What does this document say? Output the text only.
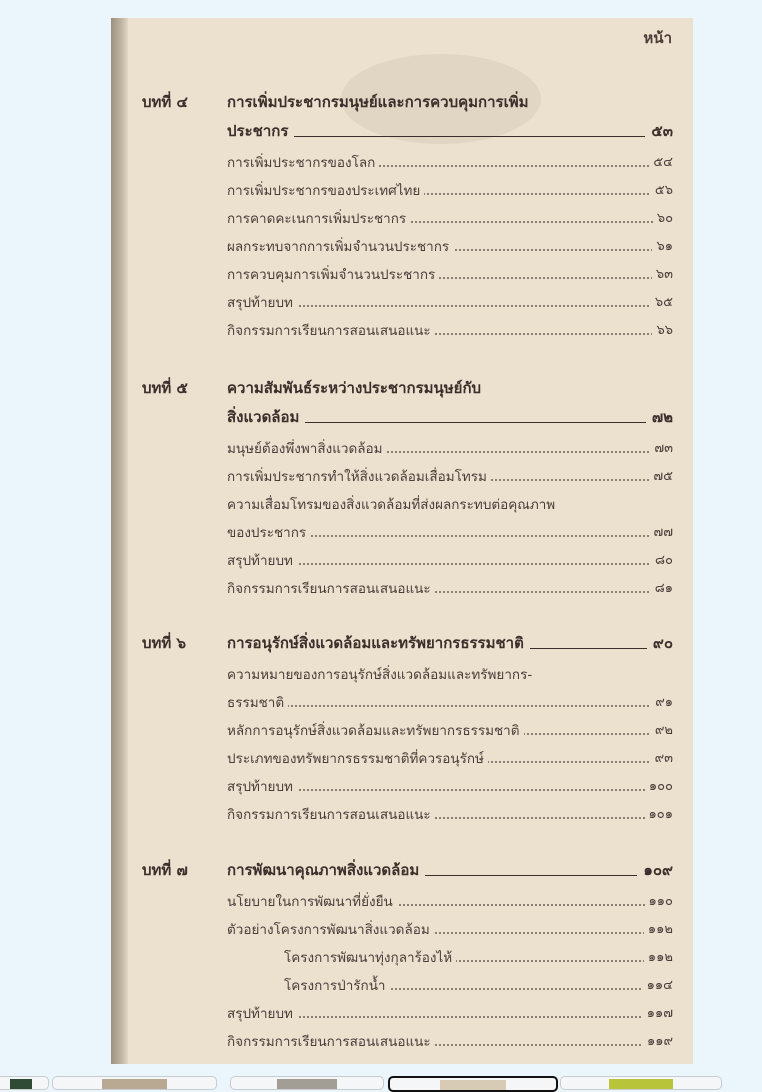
หน้า
บทที่ ๔	การเพิ่มประชากรมนุษย์และการควบคุมการเพิ่ม
ประชากร	๕๓
การเพิ่มประชากรของโลก	๕๔
การเพิ่มประชากรของประเทศไทย	๕๖
การคาดคะเนการเพิ่มประชากร	๖๐
ผลกระทบจากการเพิ่มจำนวนประชากร	๖๑
การควบคุมการเพิ่มจำนวนประชากร	๖๓
สรุปท้ายบท	๖๕
กิจกรรมการเรียนการสอนเสนอแนะ	๖๖
บทที่ ๕	ความสัมพันธ์ระหว่างประชากรมนุษย์กับ
สิ่งแวดล้อม	๗๒
มนุษย์ต้องพึ่งพาสิ่งแวดล้อม	๗๓
การเพิ่มประชากรทำให้สิ่งแวดล้อมเสื่อมโทรม	๗๕
ความเสื่อมโทรมของสิ่งแวดล้อมที่ส่งผลกระทบต่อคุณภาพ
ของประชากร	๗๗
สรุปท้ายบท	๘๐
กิจกรรมการเรียนการสอนเสนอแนะ	๘๑
บทที่ ๖	การอนุรักษ์สิ่งแวดล้อมและทรัพยากรธรรมชาติ	๙๐
ความหมายของการอนุรักษ์สิ่งแวดล้อมและทรัพยากร-
ธรรมชาติ	๙๑
หลักการอนุรักษ์สิ่งแวดล้อมและทรัพยากรธรรมชาติ	๙๒
ประเภทของทรัพยากรธรรมชาติที่ควรอนุรักษ์	๙๓
สรุปท้ายบท	๑๐๐
กิจกรรมการเรียนการสอนเสนอแนะ	๑๐๑
บทที่ ๗	การพัฒนาคุณภาพสิ่งแวดล้อม	๑๐๙
นโยบายในการพัฒนาที่ยั่งยืน	๑๑๐
ตัวอย่างโครงการพัฒนาสิ่งแวดล้อม	๑๑๒
โครงการพัฒนาทุ่งกุลาร้องไห้	๑๑๒
โครงการป่ารักน้ำ	๑๑๔
สรุปท้ายบท	๑๑๗
กิจกรรมการเรียนการสอนเสนอแนะ	๑๑๙
